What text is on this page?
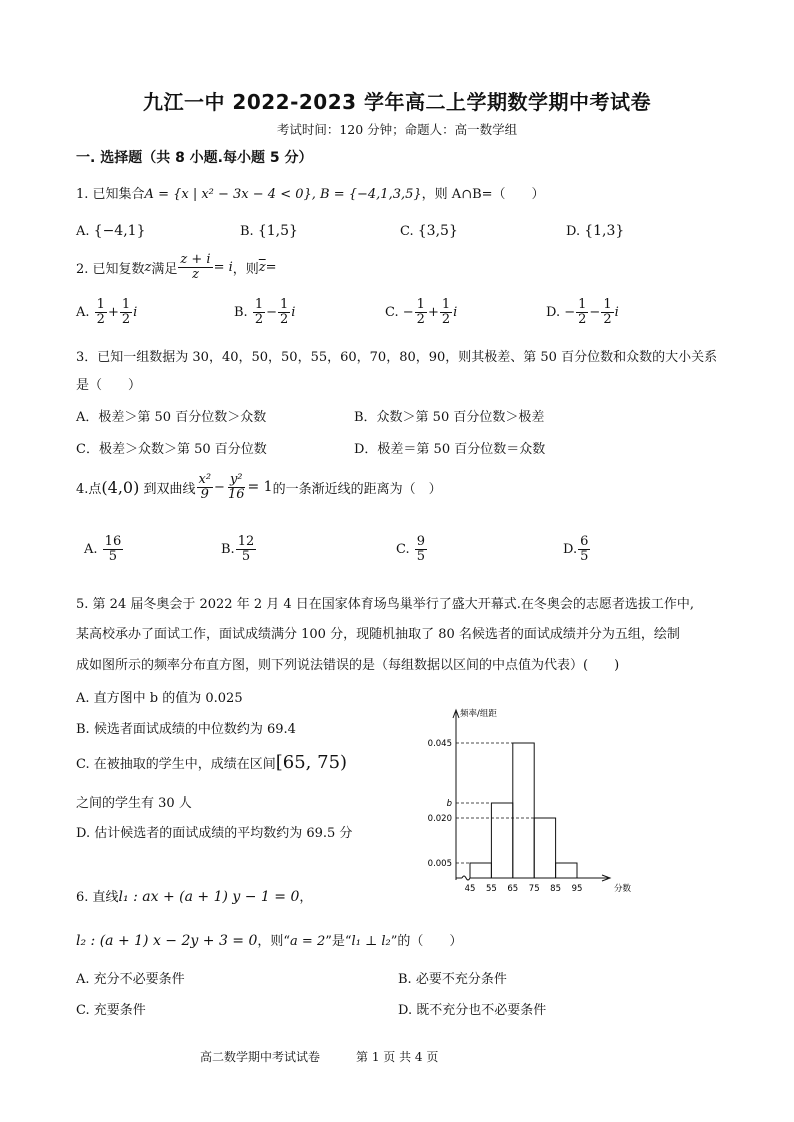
九江一中 2022-2023 学年高二上学期数学期中考试卷
考试时间：120 分钟；命题人：高一数学组
一. 选择题（共 8 小题.每小题 5 分）
1. 已知集合A = {x | x² − 3x − 4 < 0}, B = {−4,1,3,5}，则 A∩B=（　　）
A. {−4,1}	B. {1,5}	C. {3,5}	D. {1,3}
2. 已知复数 z 满足 $\frac{z + i}{z} = i$ ，则 $\overline{z}$ =
A.
$\frac{1}{2} + \frac{1}{2}$ i	B.
$\frac{1}{2} - \frac{1}{2}$ i	C.
− $\frac{1}{2} + \frac{1}{2}$ i	D.
− $\frac{1}{2} - \frac{1}{2}$ i
3．已知一组数据为 30，40，50，50，55，60，70，80，90，则其极差、第 50 百分位数和众数的大小关系
是（　　）
A．极差＞第 50 百分位数＞众数	B．众数＞第 50 百分位数＞极差
C．极差＞众数＞第 50 百分位数	D．极差＝第 50 百分位数＝众数
4.点 (4,0)
到双曲线 $\frac{\text{x²}}{9} - \frac{\text{y²}}{16} = 1$ 的一条渐近线的距离为（　）
A.
$\frac{16}{5}$	B. $\frac{12}{5}$	C.
$\frac{9}{5}$	D. $\frac{6}{5}$
5. 第 24 届冬奥会于 2022 年 2 月 4 日在国家体育场鸟巢举行了盛大开幕式.在冬奥会的志愿者选拔工作中,
某高校承办了面试工作，面试成绩满分 100 分，现随机抽取了 80 名候选者的面试成绩并分为五组，绘制
成如图所示的频率分布直方图，则下列说法错误的是（每组数据以区间的中点值为代表）(　　)
A. 直方图中 b 的值为 0.025
B. 候选者面试成绩的中位数约为 69.4
C. 在被抽取的学生中，成绩在区间 [65, 75)
之间的学生有 30 人
D. 估计候选者的面试成绩的平均数约为 69.5 分
0.045
b
0.020
0.005
频率/组距
45 55 65 75 85 95	分数
6. 直线l₁ : ax + (a + 1) y − 1 = 0，
l₂ : (a + 1) x − 2y + 3 = 0，则“a = 2”是“l₁ ⊥ l₂”的（　　）
A. 充分不必要条件	B. 必要不充分条件
C. 充要条件	D. 既不充分也不必要条件
高二数学期中考试试卷	第 1 页 共 4 页
